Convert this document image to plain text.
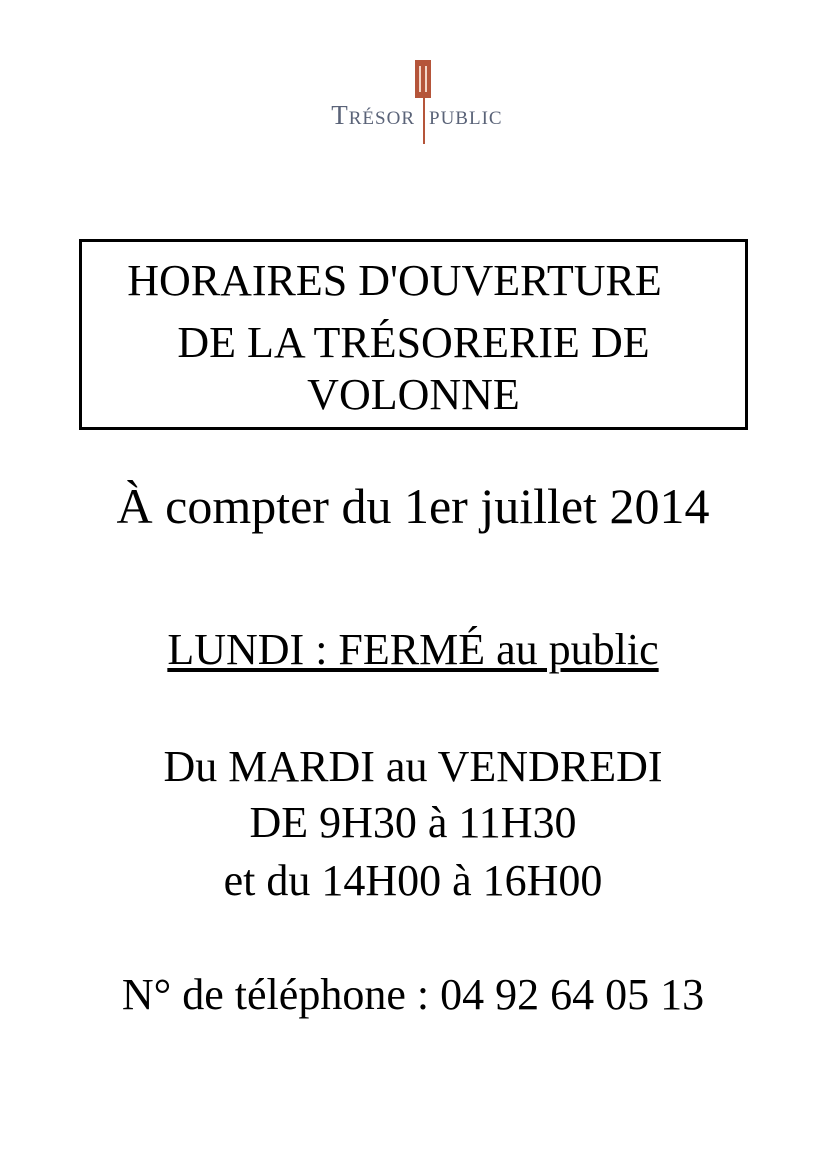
Trésor public
HORAIRES D'OUVERTURE
DE LA TRÉSORERIE DE
VOLONNE
À compter du 1er juillet 2014
LUNDI : FERMÉ au public
Du MARDI au VENDREDI
DE 9H30 à 11H30
et du 14H00 à 16H00
N° de téléphone : 04 92 64 05 13
